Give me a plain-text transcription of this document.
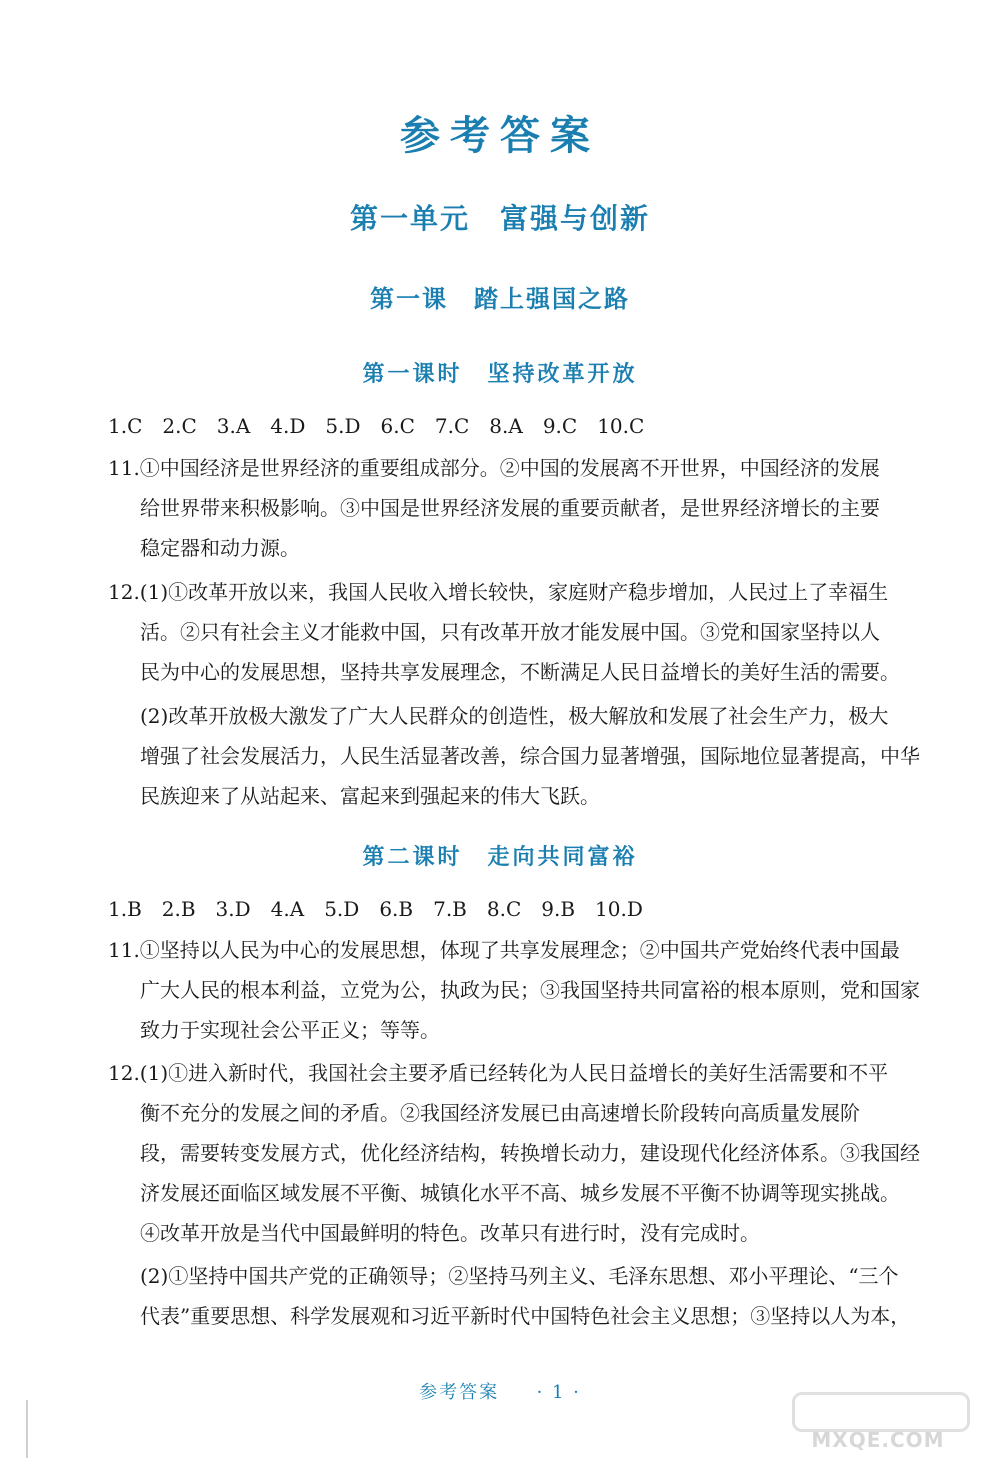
参考答案
第一单元　富强与创新
第一课　踏上强国之路
第一课时　坚持改革开放
1.C　2.C　3.A　4.D　5.D　6.C　7.C　8.A　9.C　10.C
11.①中国经济是世界经济的重要组成部分。②中国的发展离不开世界，中国经济的发展
给世界带来积极影响。③中国是世界经济发展的重要贡献者，是世界经济增长的主要
稳定器和动力源。
12.(1)①改革开放以来，我国人民收入增长较快，家庭财产稳步增加，人民过上了幸福生
活。②只有社会主义才能救中国，只有改革开放才能发展中国。③党和国家坚持以人
民为中心的发展思想，坚持共享发展理念，不断满足人民日益增长的美好生活的需要。
(2)改革开放极大激发了广大人民群众的创造性，极大解放和发展了社会生产力，极大
增强了社会发展活力，人民生活显著改善，综合国力显著增强，国际地位显著提高，中华
民族迎来了从站起来、富起来到强起来的伟大飞跃。
第二课时　走向共同富裕
1.B　2.B　3.D　4.A　5.D　6.B　7.B　8.C　9.B　10.D
11.①坚持以人民为中心的发展思想，体现了共享发展理念；②中国共产党始终代表中国最
广大人民的根本利益，立党为公，执政为民；③我国坚持共同富裕的根本原则，党和国家
致力于实现社会公平正义；等等。
12.(1)①进入新时代，我国社会主要矛盾已经转化为人民日益增长的美好生活需要和不平
衡不充分的发展之间的矛盾。②我国经济发展已由高速增长阶段转向高质量发展阶
段，需要转变发展方式，优化经济结构，转换增长动力，建设现代化经济体系。③我国经
济发展还面临区域发展不平衡、城镇化水平不高、城乡发展不平衡不协调等现实挑战。
④改革开放是当代中国最鲜明的特色。改革只有进行时，没有完成时。
(2)①坚持中国共产党的正确领导；②坚持马列主义、毛泽东思想、邓小平理论、“三个
代表”重要思想、科学发展观和习近平新时代中国特色社会主义思想；③坚持以人为本，
参考答案 · 1 ·
MXQE.COM
